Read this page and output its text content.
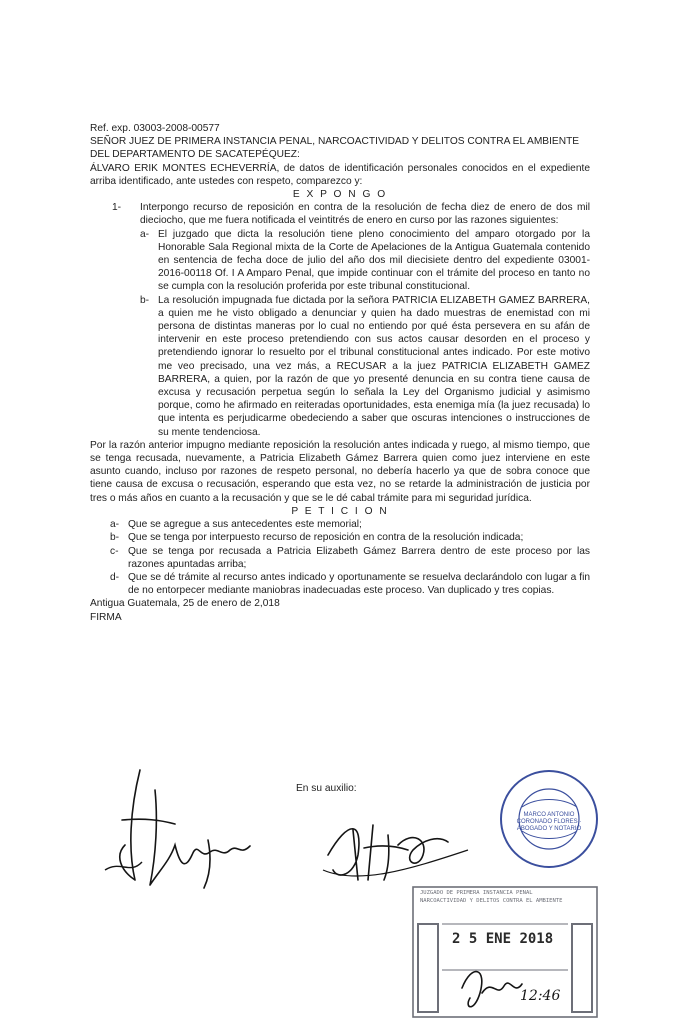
Ref. exp. 03003-2008-00577

SEÑOR JUEZ DE PRIMERA INSTANCIA PENAL, NARCOACTIVIDAD Y DELITOS CONTRA EL AMBIENTE

DEL DEPARTAMENTO DE SACATEPÉQUEZ:

ÁLVARO ERIK MONTES ECHEVERRÍA, de datos de identificación personales conocidos en el expediente arriba identificado, ante ustedes con respeto, comparezco y:

E X P O N G O

1-	Interpongo recurso de reposición en contra de la resolución de fecha diez de enero de dos mil dieciocho, que me fuera notificada el veintitrés de enero en curso por las razones siguientes:
a- El juzgado que dicta la resolución tiene pleno conocimiento del amparo otorgado por la Honorable Sala Regional mixta de la Corte de Apelaciones de la Antigua Guatemala contenido en sentencia de fecha doce de julio del año dos mil diecisiete dentro del expediente 03001-2016-00118 Of. I A Amparo Penal, que impide continuar con el trámite del proceso en tanto no se cumpla con la resolución proferida por este tribunal constitucional.
b- La resolución impugnada fue dictada por la señora PATRICIA ELIZABETH GAMEZ BARRERA, a quien me he visto obligado a denunciar y quien ha dado muestras de enemistad con mi persona de distintas maneras por lo cual no entiendo por qué ésta persevera en su afán de intervenir en este proceso pretendiendo con sus actos causar desorden en el proceso y pretendiendo ignorar lo resuelto por el tribunal constitucional antes indicado. Por este motivo me veo precisado, una vez más, a RECUSAR a la juez PATRICIA ELIZABETH GAMEZ BARRERA, a quien, por la razón de que yo presenté denuncia en su contra tiene causa de excusa y recusación perpetua según lo señala la Ley del Organismo judicial y asimismo porque, como he afirmado en reiteradas oportunidades, esta enemiga mía (la juez recusada) lo que intenta es perjudicarme obedeciendo a saber que oscuras intenciones o instrucciones de su mente tendenciosa.

Por la razón anterior impugno mediante reposición la resolución antes indicada y ruego, al mismo tiempo, que se tenga recusada, nuevamente, a Patricia Elizabeth Gámez Barrera quien como juez interviene en este asunto cuando, incluso por razones de respeto personal, no debería hacerlo ya que de sobra conoce que tiene causa de excusa o recusación, esperando que esta vez, no se retarde la administración de justicia por tres o más años en cuanto a la recusación y que se le dé cabal trámite para mi seguridad jurídica.

P E T I C I O N

a- Que se agregue a sus antecedentes este memorial;
b- Que se tenga por interpuesto recurso de reposición en contra de la resolución indicada;
c- Que se tenga por recusada a Patricia Elizabeth Gámez Barrera dentro de este proceso por las razones apuntadas arriba;
d- Que se dé trámite al recurso antes indicado y oportunamente se resuelva declarándolo con lugar a fin de no entorpecer mediante maniobras inadecuadas este proceso. Van duplicado y tres copias.

Antigua Guatemala, 25 de enero de 2,018

FIRMA

En su auxilio:
MARCO ANTONIO CORONADO FLORES · ABOGADO Y NOTARIO
JUZGADO DE PRIMERA INSTANCIA PENAL
NARCOACTIVIDAD Y DELITOS CONTRA EL AMBIENTE
2 5 ENE 2018
12:46
